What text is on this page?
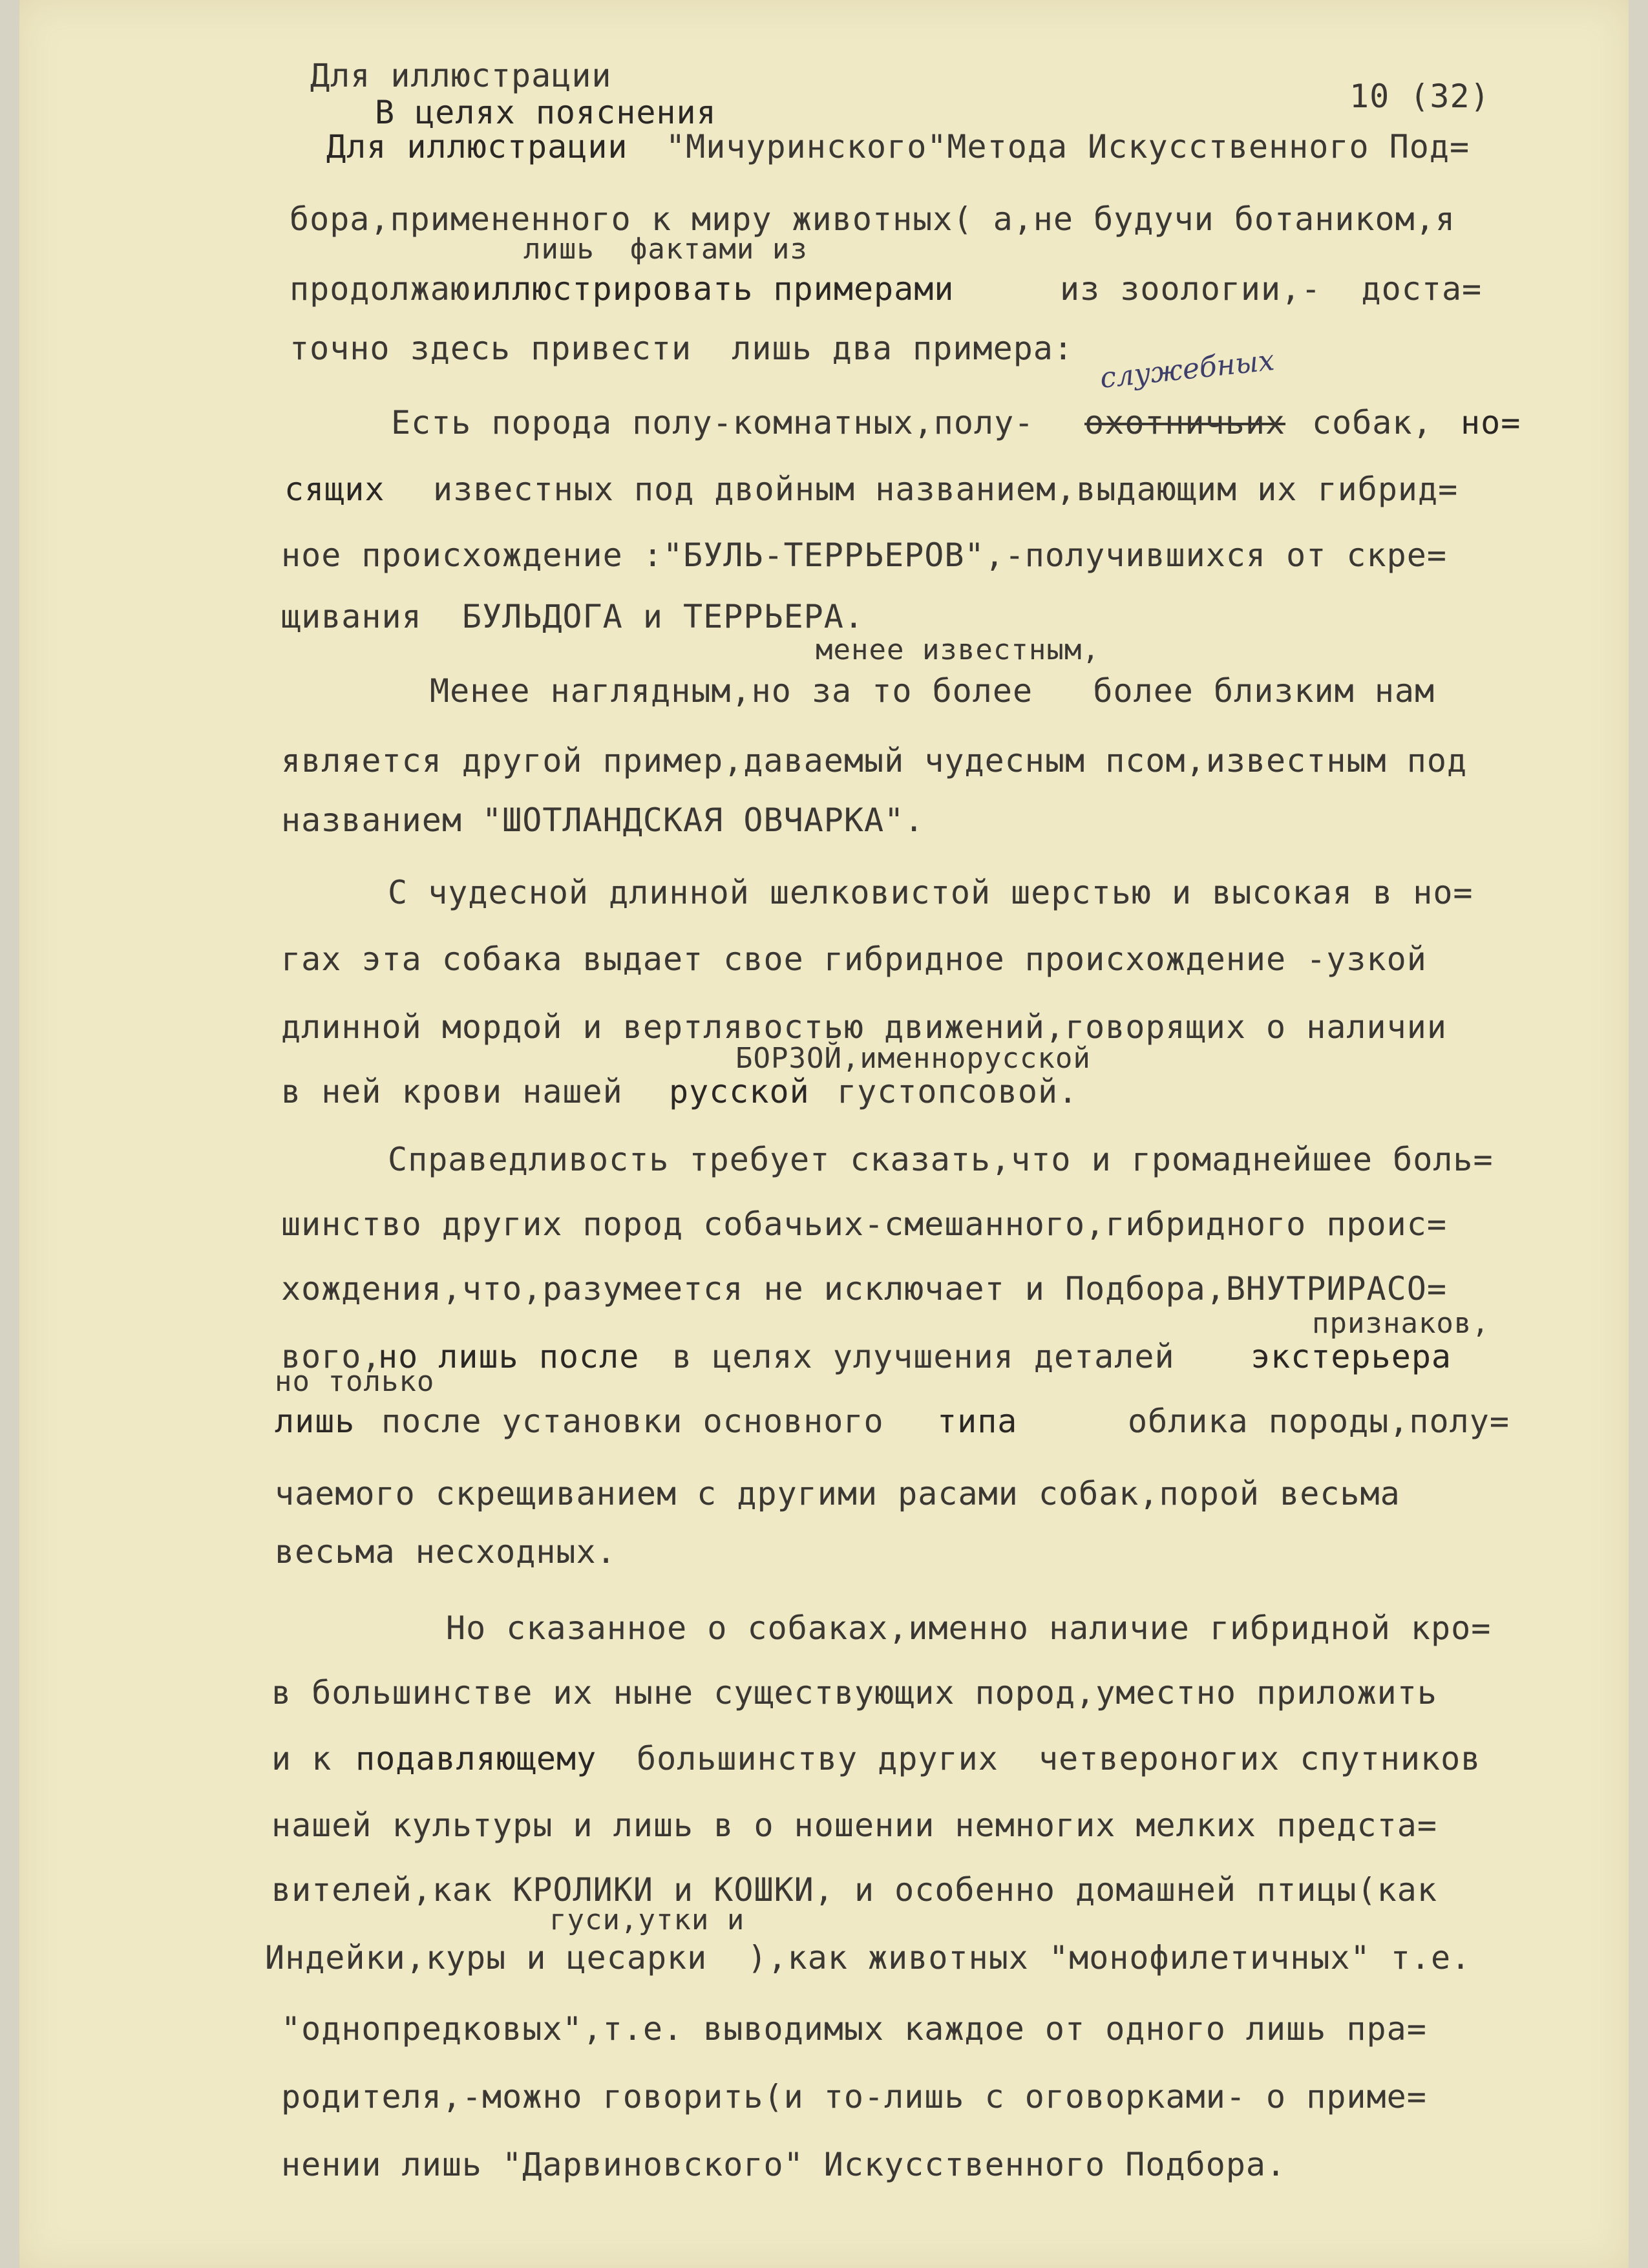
Для иллюстрации
10 (32)
В целях пояснения
Для иллюстрации "Мичуринского"Метода Искусственного Под=
бора,примененного к миру животных( а,не будучи ботаником,я
лишь  фактами из
продолжаю иллюстрировать примерами	из зоологии,-  доста=
точно здесь привести  лишь два примера: служебных
Есть порода полу-комнатных,полу- охотничьих собак, но=
сящих известных под двойным названием,выдающим их гибрид=
ное происхождение :"БУЛЬ-ТЕРРЬЕРОВ",-получившихся от скре=
щивания  БУЛЬДОГА и ТЕРРЬЕРА.
менее известным,
Менее наглядным,но за то более   более близким нам
является другой пример,даваемый чудесным псом,известным под
названием "ШОТЛАНДСКАЯ ОВЧАРКА".
С чудесной длинной шелковистой шерстью и высокая в но=
гах эта собака выдает свое гибридное происхождение -узкой
длинной мордой и вертлявостью движений,говорящих о наличии
БОРЗОЙ,именнорусской
в ней крови нашей русской густопсовой.
Справедливость требует сказать,что и громаднейшее боль=
шинство других пород собачьих-смешанного,гибридного проис=
хождения,что,разумеется не исключает и Подбора,ВНУТРИРАСО=
признаков,
вого,
но лишь после в целях улучшения деталей экстерьера
но только
лишь после установки основного типа	облика породы,полу=
чаемого скрещиванием с другими расами собак,порой весьма
весьма несходных.
Но сказанное о собаках,именно наличие гибридной кро=
в большинстве их ныне существующих пород,уместно приложить
и к подавляющему большинству других  четвероногих спутников
нашей культуры и лишь в о ношении немногих мелких предста=
вителей,как КРОЛИКИ и КОШКИ, и особенно домашней птицы(как
гуси,утки и
Индейки,куры и цесарки  ),как животных "монофилетичных" т.е.
"однопредковых",т.е. выводимых каждое от одного лишь пра=
родителя,-можно говорить(и то-лишь с оговорками- о приме=
нении лишь "Дарвиновского" Искусственного Подбора.
